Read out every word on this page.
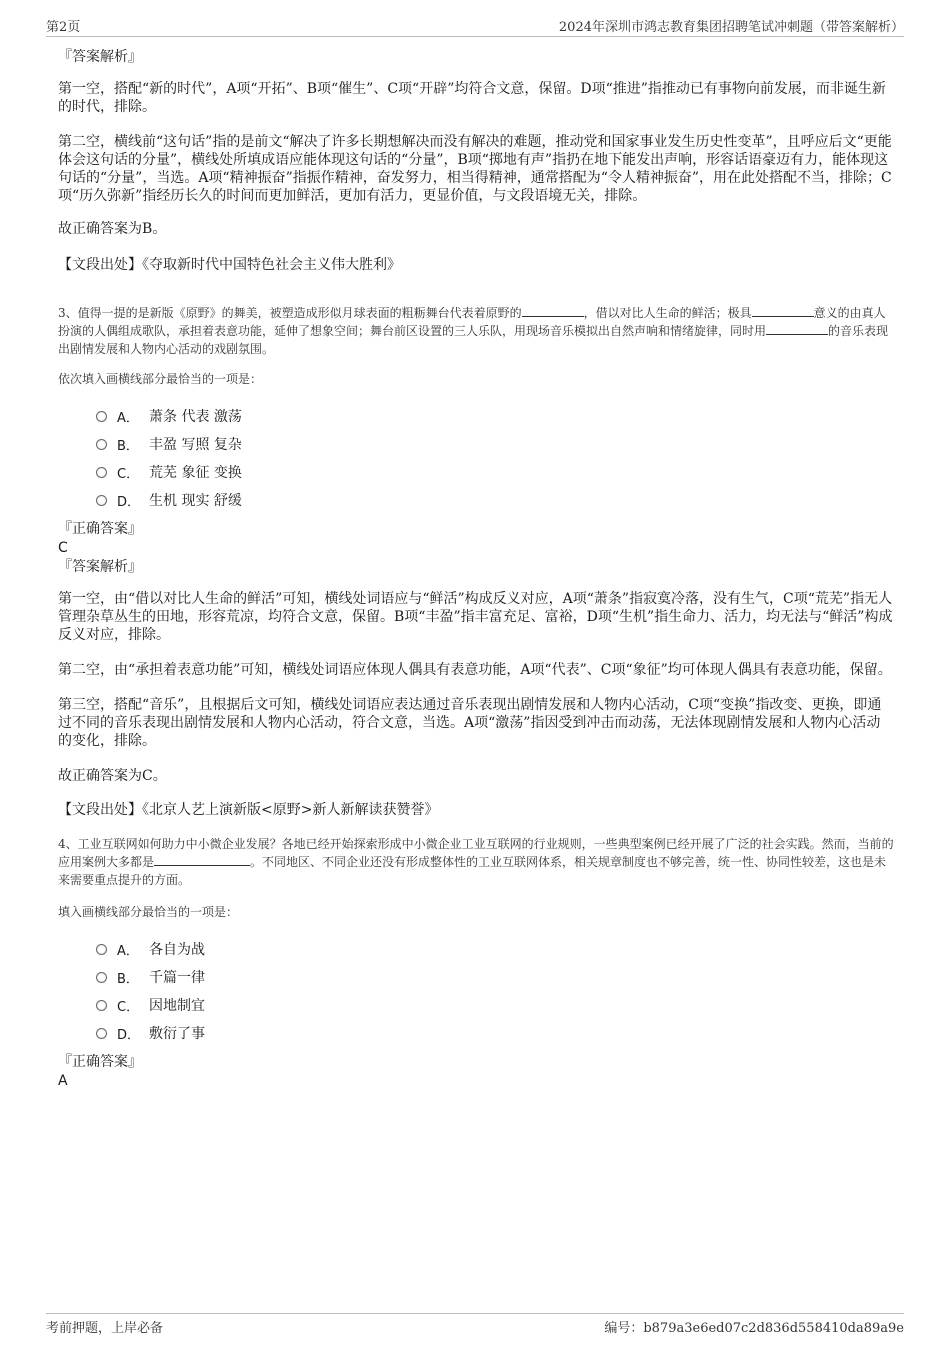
第2页	2024年深圳市鸿志教育集团招聘笔试冲刺题（带答案解析）

『答案解析』

第一空，搭配“新的时代”，A项“开拓”、B项“催生”、C项“开辟”均符合文意，保留。D项“推进”指推动已有事物向前发展，而非诞生新的时代，排除。

第二空，横线前“这句话”指的是前文“解决了许多长期想解决而没有解决的难题，推动党和国家事业发生历史性变革”，且呼应后文“更能体会这句话的分量”，横线处所填成语应能体现这句话的“分量”，B项“掷地有声”指扔在地下能发出声响，形容话语豪迈有力，能体现这句话的“分量”，当选。A项“精神振奋”指振作精神，奋发努力，相当得精神，通常搭配为“令人精神振奋”，用在此处搭配不当，排除；C项“历久弥新”指经历长久的时间而更加鲜活，更加有活力，更显价值，与文段语境无关，排除。

故正确答案为B。

【文段出处】《夺取新时代中国特色社会主义伟大胜利》

3、值得一提的是新版《原野》的舞美，被塑造成形似月球表面的粗粝舞台代表着原野的	，借以对比人生命的鲜活；极具	意义的由真人扮演的人偶组成歌队，承担着表意功能，延伸了想象空间；舞台前区设置的三人乐队，用现场音乐模拟出自然声响和情绪旋律，同时用	的音乐表现出剧情发展和人物内心活动的戏剧氛围。

依次填入画横线部分最恰当的一项是：

A． 萧条 代表 激荡
B． 丰盈 写照 复杂
C． 荒芜 象征 变换
D． 生机 现实 舒缓

『正确答案』

C

『答案解析』

第一空，由“借以对比人生命的鲜活”可知，横线处词语应与“鲜活”构成反义对应，A项“萧条”指寂寞冷落，没有生气，C项“荒芜”指无人管理杂草丛生的田地，形容荒凉，均符合文意，保留。B项“丰盈”指丰富充足、富裕，D项“生机”指生命力、活力，均无法与“鲜活”构成反义对应，排除。

第二空，由“承担着表意功能”可知，横线处词语应体现人偶具有表意功能，A项“代表”、C项“象征”均可体现人偶具有表意功能，保留。

第三空，搭配“音乐”，且根据后文可知，横线处词语应表达通过音乐表现出剧情发展和人物内心活动，C项“变换”指改变、更换，即通过不同的音乐表现出剧情发展和人物内心活动，符合文意，当选。A项“激荡”指因受到冲击而动荡，无法体现剧情发展和人物内心活动的变化，排除。

故正确答案为C。

【文段出处】《北京人艺上演新版<原野>新人新解读获赞誉》

4、工业互联网如何助力中小微企业发展？各地已经开始探索形成中小微企业工业互联网的行业规则，一些典型案例已经开展了广泛的社会实践。然而，当前的应用案例大多都是	。不同地区、不同企业还没有形成整体性的工业互联网体系，相关规章制度也不够完善，统一性、协同性较差，这也是未来需要重点提升的方面。

填入画横线部分最恰当的一项是：

A． 各自为战
B． 千篇一律
C． 因地制宜
D． 敷衍了事

『正确答案』

A

考前押题，上岸必备	编号：b879a3e6ed07c2d836d558410da89a9e
